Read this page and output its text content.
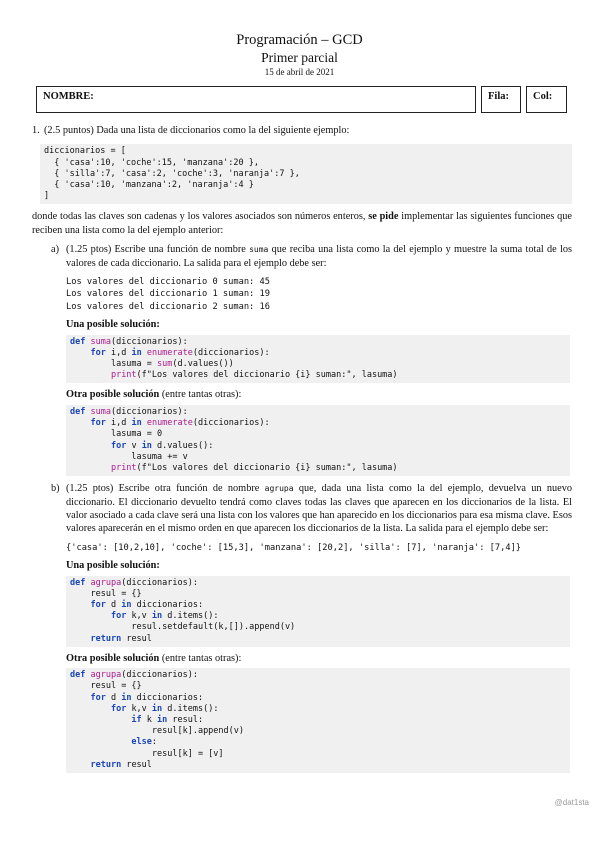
Programación – GCD
Primer parcial
15 de abril de 2021
NOMBRE:	Fila:	Col:
1. (2.5 puntos) Dada una lista de diccionarios como la del siguiente ejemplo:

diccionarios = [
{ 'casa':10, 'coche':15, 'manzana':20 },
{ 'silla':7, 'casa':2, 'coche':3, 'naranja':7 },
{ 'casa':10, 'manzana':2, 'naranja':4 }
]

donde todas las claves son cadenas y los valores asociados son números enteros, se pide implementar las siguientes funciones que reciben una lista como la del ejemplo anterior:

a) (1.25 ptos) Escribe una función de nombre suma que reciba una lista como la del ejemplo y muestre la suma total de los valores de cada diccionario. La salida para el ejemplo debe ser:

Los valores del diccionario 0 suman: 45
Los valores del diccionario 1 suman: 19
Los valores del diccionario 2 suman: 16
Una posible solución:
def suma(diccionarios):
for i,d in enumerate(diccionarios):
lasuma = sum(d.values())
print(f"Los valores del diccionario {i} suman:", lasuma)
Otra posible solución (entre tantas otras):
def suma(diccionarios):
for i,d in enumerate(diccionarios):
lasuma = 0
for v in d.values():
lasuma += v
print(f"Los valores del diccionario {i} suman:", lasuma)
b) (1.25 ptos) Escribe otra función de nombre agrupa que, dada una lista como la del ejemplo, devuelva un nuevo diccionario. El diccionario devuelto tendrá como claves todas las claves que aparecen en los diccionarios de la lista. El valor asociado a cada clave será una lista con los valores que han aparecido en los diccionarios para esa misma clave. Esos valores aparecerán en el mismo orden en que aparecen los diccionarios de la lista. La salida para el ejemplo debe ser:

{'casa': [10,2,10], 'coche': [15,3], 'manzana': [20,2], 'silla': [7], 'naranja': [7,4]}
Una posible solución:
def agrupa(diccionarios):
resul = {}
for d in diccionarios:
for k,v in d.items():
resul.setdefault(k,[]).append(v)
return resul
Otra posible solución (entre tantas otras):
def agrupa(diccionarios):
resul = {}
for d in diccionarios:
for k,v in d.items():
if k in resul:
resul[k].append(v)
else:
resul[k] = [v]
return resul
@dat1sta
